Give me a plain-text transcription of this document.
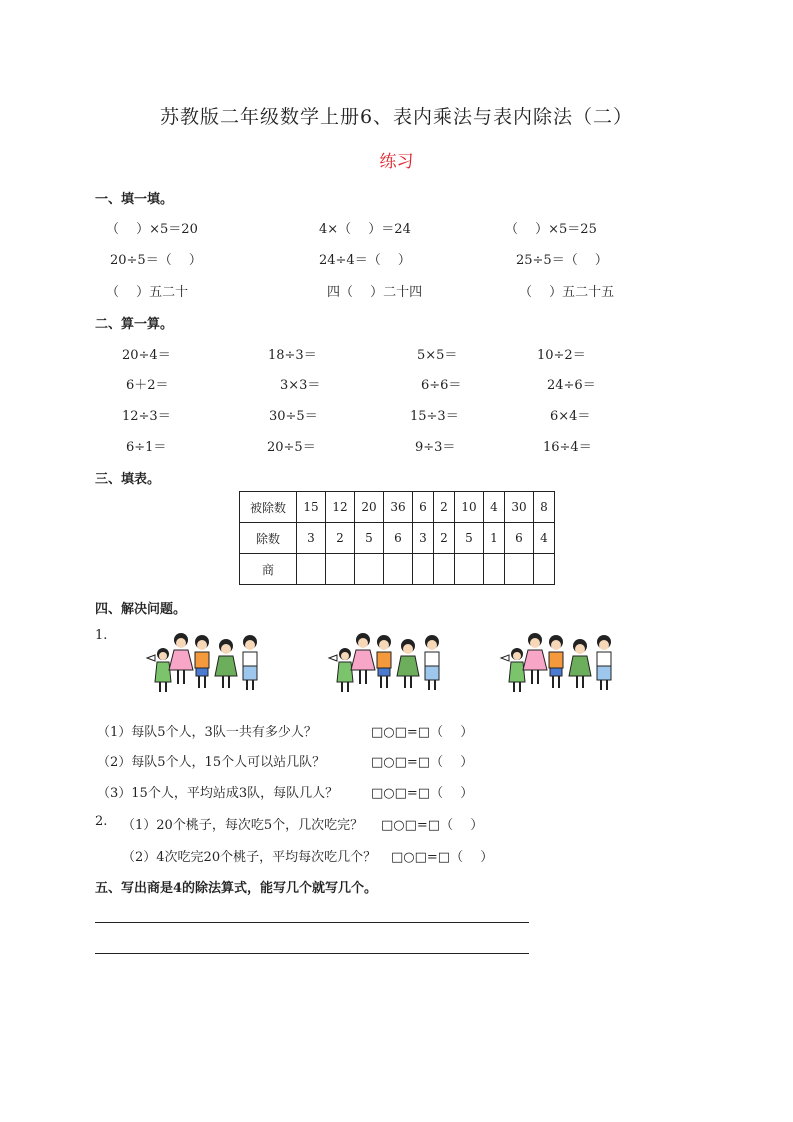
苏教版二年级数学上册6、表内乘法与表内除法（二）
练习
一、填一填。
（　 ）×5＝20	4×（　 ）＝24	（　 ）×5＝25
20÷5＝（　 ）	24÷4＝（　 ）	25÷5＝（　 ）
（　 ）五二十	四（　 ）二十四	（　 ）五二十五
二、算一算。
20÷4＝	18÷3＝	5×5＝	10÷2＝
6＋2＝	3×3＝	6÷6＝	24÷6＝
12÷3＝	30÷5＝	15÷3＝	6×4＝
6÷1＝	20÷5＝	9÷3＝	16÷4＝
三、填表。
被除数	15	12	20	36	6	2	10	4	30	8
除数	3	2	5	6	3	2	5	1	6	4
商										
四、解决问题。
1.
（1）每队5个人，3队一共有多少人？	□○□=□（　 ）
（2）每队5个人，15个人可以站几队？	□○□=□（　 ）
（3）15个人，平均站成3队，每队几人？	□○□=□（　 ）
2. （1）20个桃子，每次吃5个，几次吃完？ □○□=□（　 ）
（2）4次吃完20个桃子，平均每次吃几个？ □○□=□（　 ）
五、写出商是4的除法算式，能写几个就写几个。
